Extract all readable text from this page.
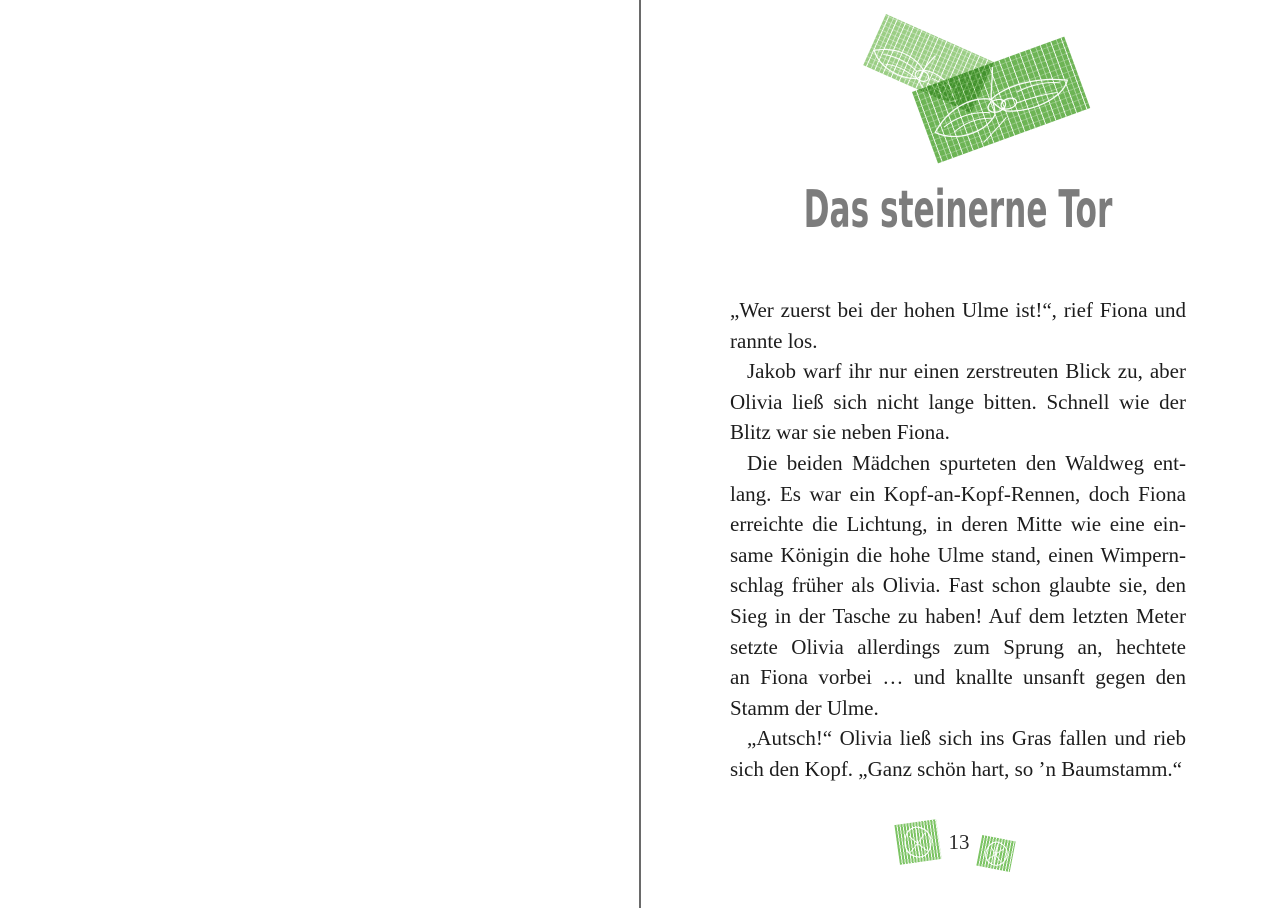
Das steinerne Tor
„Wer zuerst bei der hohen Ulme ist!“, rief Fiona und
rannte los.
Jakob warf ihr nur einen zerstreuten Blick zu, aber
Olivia ließ sich nicht lange bitten. Schnell wie der
Blitz war sie neben Fiona.
Die beiden Mädchen spurteten den Waldweg ent-
lang. Es war ein Kopf-an-Kopf-Rennen, doch Fiona
erreichte die Lichtung, in deren Mitte wie eine ein-
same Königin die hohe Ulme stand, einen Wimpern-
schlag früher als Olivia. Fast schon glaubte sie, den
Sieg in der Tasche zu haben! Auf dem letzten Meter
setzte Olivia allerdings zum Sprung an, hechtete
an Fiona vorbei … und knallte unsanft gegen den
Stamm der Ulme.
„Autsch!“ Olivia ließ sich ins Gras fallen und rieb
sich den Kopf. „Ganz schön hart, so ’n Baumstamm.“
13
